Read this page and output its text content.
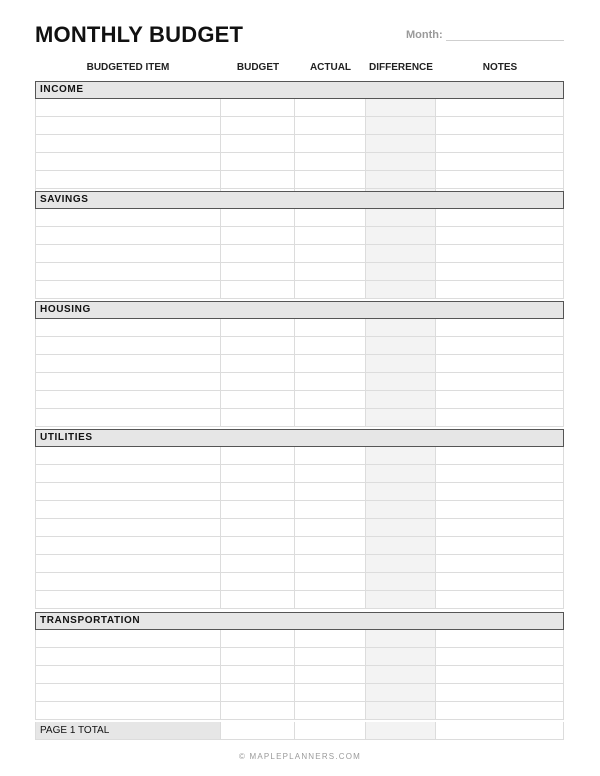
MONTHLY BUDGET	Month:
BUDGETED ITEM	BUDGET	ACTUAL	DIFFERENCE	NOTES
INCOME
SAVINGS
HOUSING
UTILITIES
TRANSPORTATION
PAGE 1 TOTAL
© MAPLEPLANNERS.COM
